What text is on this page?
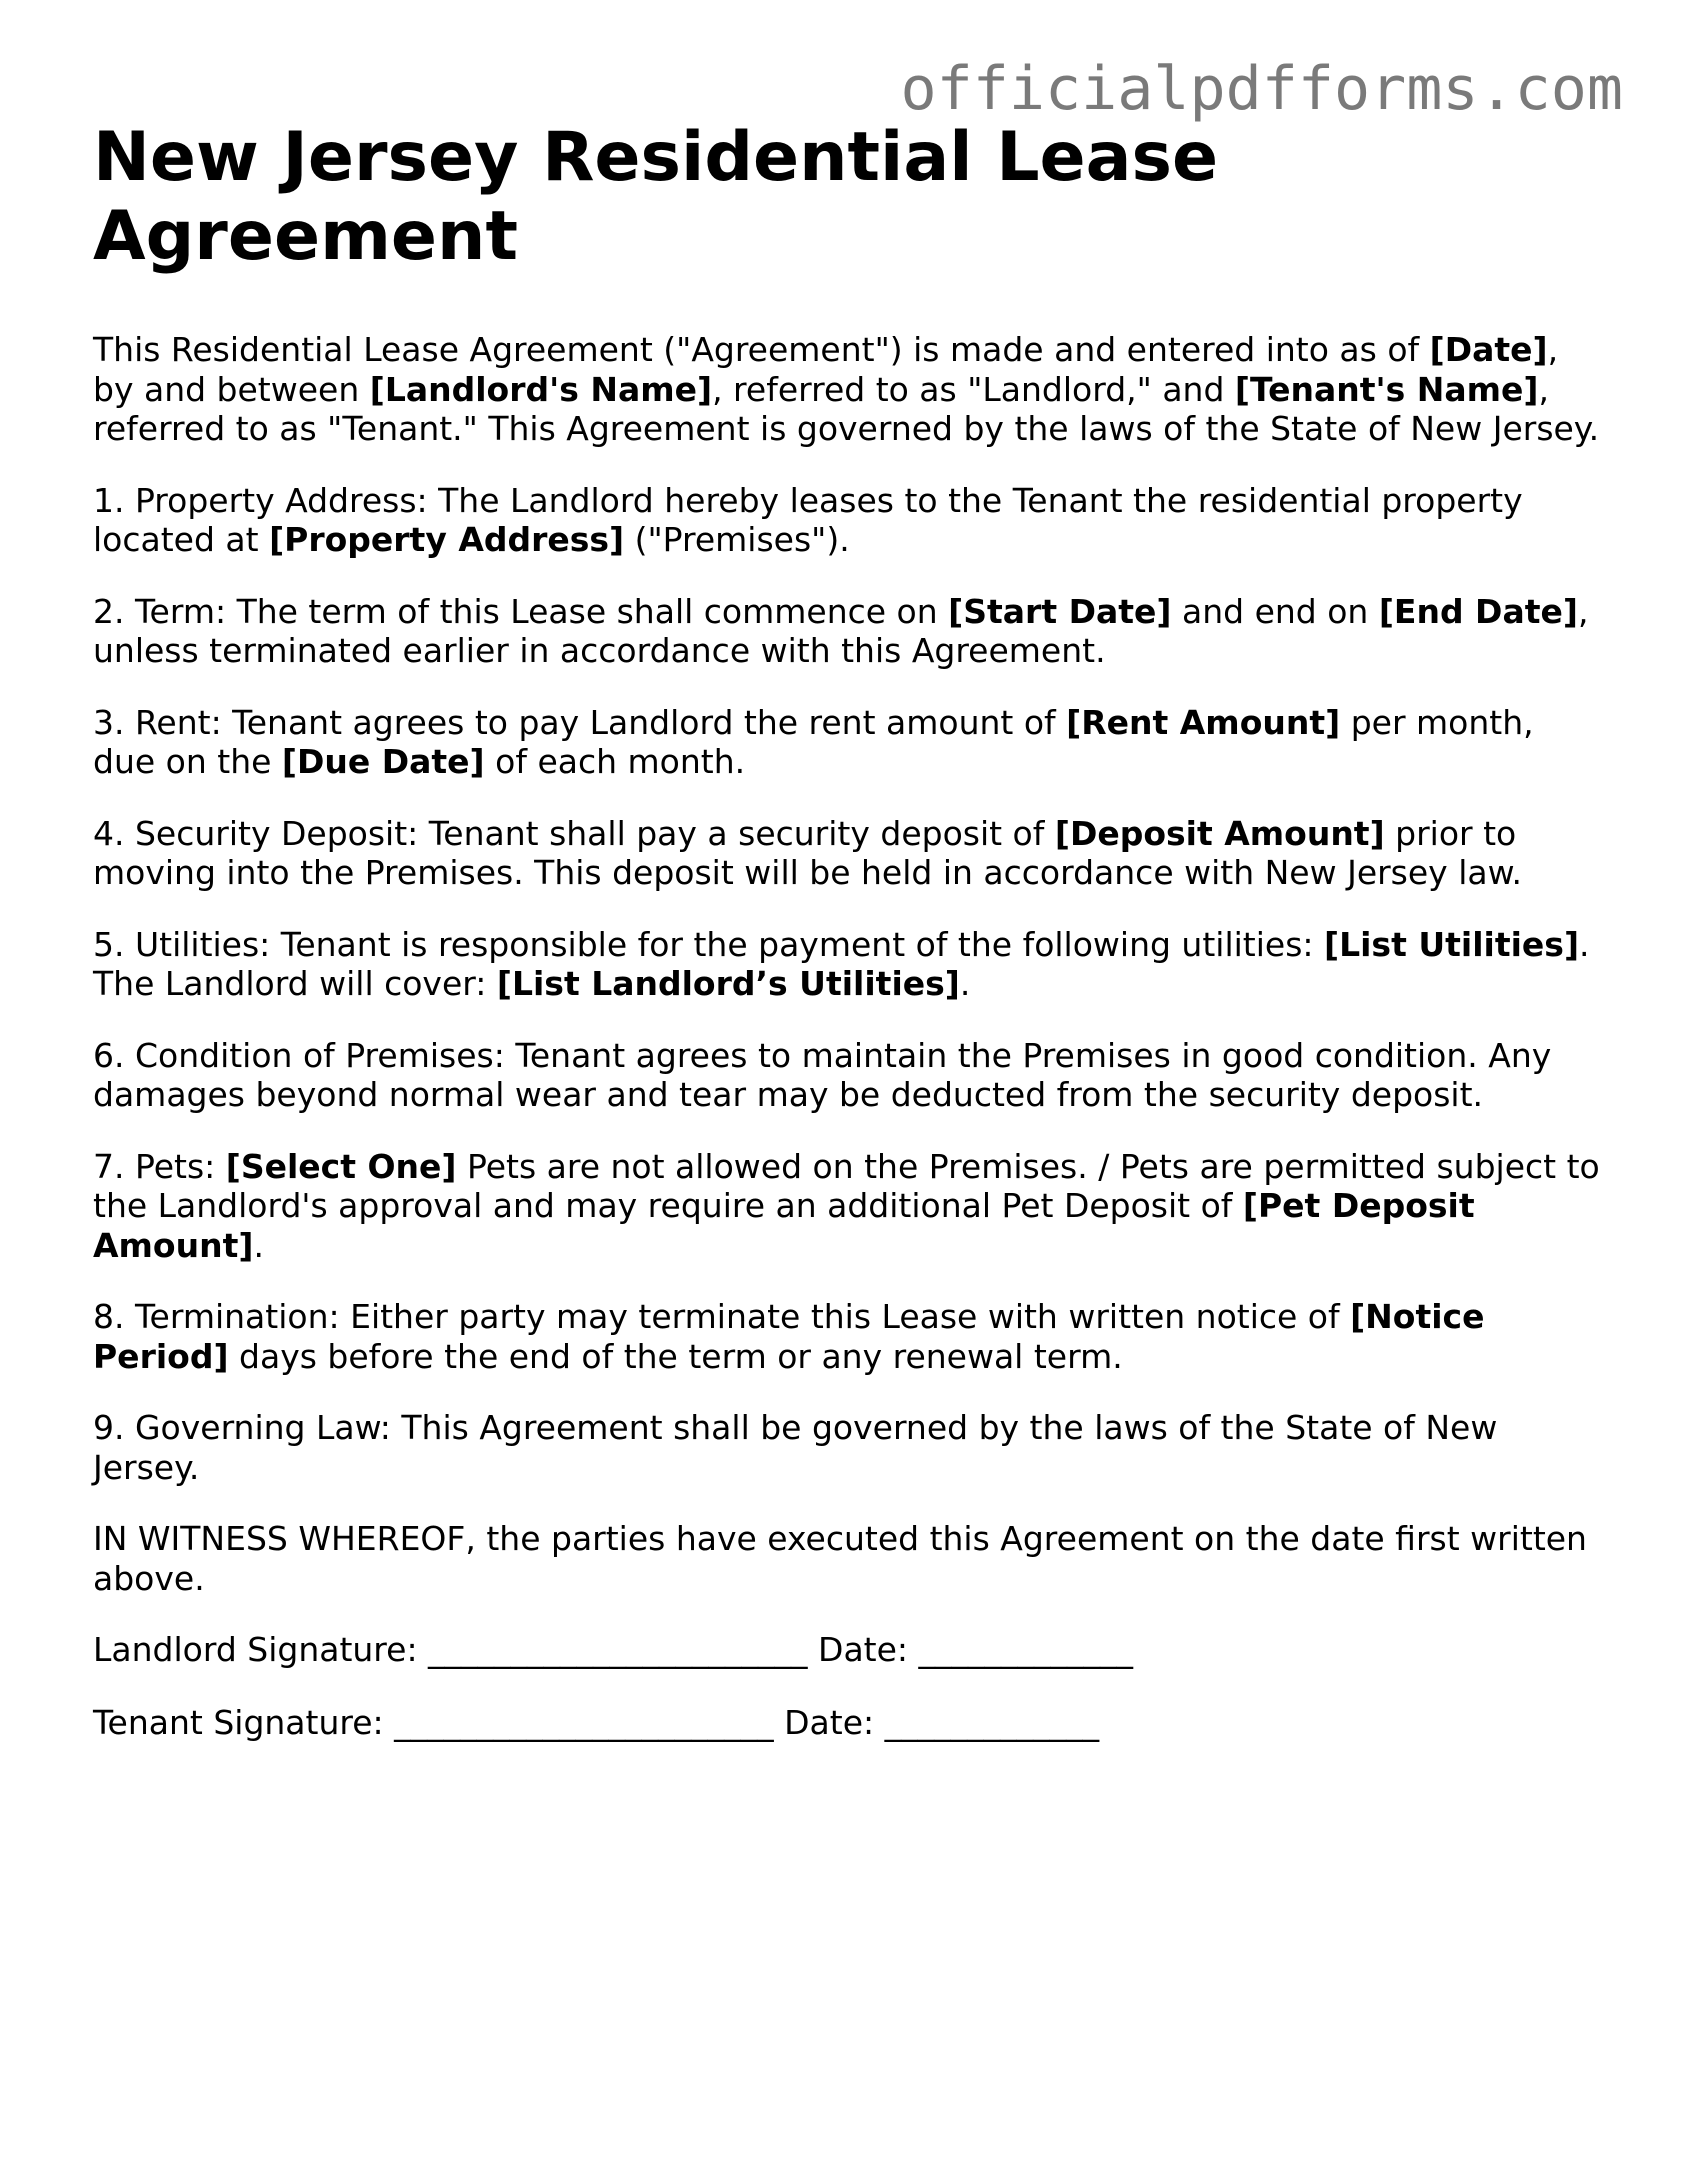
officialpdfforms.com
New Jersey Residential Lease Agreement

This Residential Lease Agreement ("Agreement") is made and entered into as of [Date], by and between [Landlord's Name], referred to as "Landlord," and [Tenant's Name], referred to as "Tenant." This Agreement is governed by the laws of the State of New Jersey.

1. Property Address: The Landlord hereby leases to the Tenant the residential property located at [Property Address] ("Premises").

2. Term: The term of this Lease shall commence on [Start Date] and end on [End Date], unless terminated earlier in accordance with this Agreement.

3. Rent: Tenant agrees to pay Landlord the rent amount of [Rent Amount] per month, due on the [Due Date] of each month.

4. Security Deposit: Tenant shall pay a security deposit of [Deposit Amount] prior to moving into the Premises. This deposit will be held in accordance with New Jersey law.

5. Utilities: Tenant is responsible for the payment of the following utilities: [List Utilities]. The Landlord will cover: [List Landlord’s Utilities].

6. Condition of Premises: Tenant agrees to maintain the Premises in good condition. Any damages beyond normal wear and tear may be deducted from the security deposit.

7. Pets: [Select One] Pets are not allowed on the Premises. / Pets are permitted subject to the Landlord's approval and may require an additional Pet Deposit of [Pet Deposit Amount].

8. Termination: Either party may terminate this Lease with written notice of [Notice Period] days before the end of the term or any renewal term.

9. Governing Law: This Agreement shall be governed by the laws of the State of New Jersey.

IN WITNESS WHEREOF, the parties have executed this Agreement on the date first written above.

Landlord Signature: _______________________ Date: _____________
Tenant Signature: _______________________ Date: _____________
